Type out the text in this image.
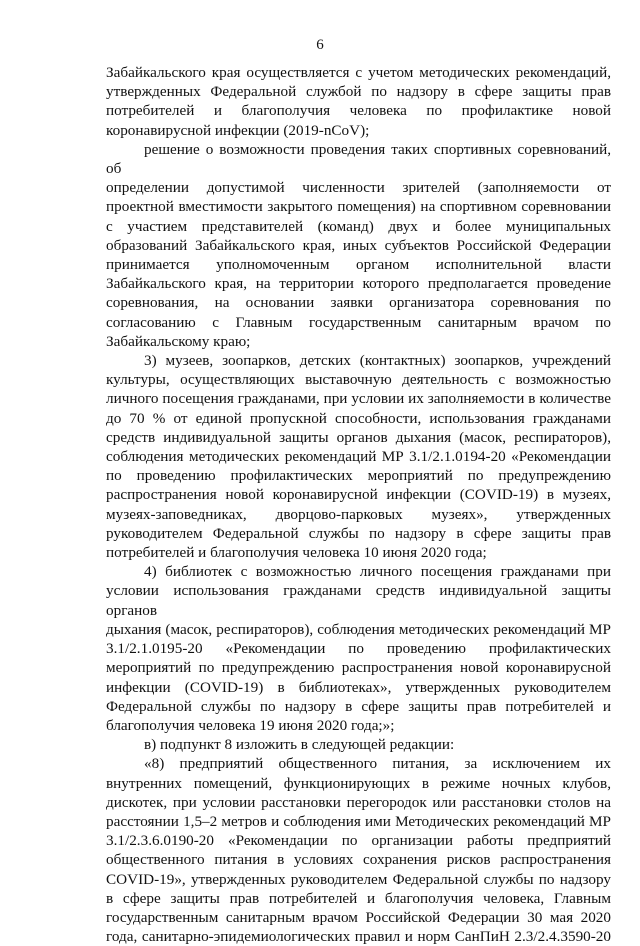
6

Забайкальского края осуществляется с учетом методических рекомендаций,

утвержденных Федеральной службой по надзору в сфере защиты прав

потребителей и благополучия человека по профилактике новой

коронавирусной инфекции (2019-nCoV);

решение о возможности проведения таких спортивных соревнований, об

определении допустимой численности зрителей (заполняемости от

проектной вместимости закрытого помещения) на спортивном соревновании

с участием представителей (команд) двух и более муниципальных

образований Забайкальского края, иных субъектов Российской Федерации

принимается уполномоченным органом исполнительной власти

Забайкальского края, на территории которого предполагается проведение

соревнования, на основании заявки организатора соревнования по

согласованию с Главным государственным санитарным врачом по

Забайкальскому краю;

3) музеев, зоопарков, детских (контактных) зоопарков, учреждений

культуры, осуществляющих выставочную деятельность с возможностью

личного посещения гражданами, при условии их заполняемости в количестве

до 70 % от единой пропускной способности, использования гражданами

средств индивидуальной защиты органов дыхания (масок, респираторов),

соблюдения методических рекомендаций МР 3.1/2.1.0194-20 «Рекомендации

по проведению профилактических мероприятий по предупреждению

распространения новой коронавирусной инфекции (COVID-19) в музеях,

музеях-заповедниках, дворцово-парковых музеях», утвержденных

руководителем Федеральной службы по надзору в сфере защиты прав

потребителей и благополучия человека 10 июня 2020 года;

4) библиотек с возможностью личного посещения гражданами при

условии использования гражданами средств индивидуальной защиты органов

дыхания (масок, респираторов), соблюдения методических рекомендаций МР

3.1/2.1.0195-20 «Рекомендации по проведению профилактических

мероприятий по предупреждению распространения новой коронавирусной

инфекции (COVID-19) в библиотеках», утвержденных руководителем

Федеральной службы по надзору в сфере защиты прав потребителей и

благополучия человека 19 июня 2020 года;»;

в) подпункт 8 изложить в следующей редакции:

«8) предприятий общественного питания, за исключением их

внутренних помещений, функционирующих в режиме ночных клубов,

дискотек, при условии расстановки перегородок или расстановки столов на

расстоянии 1,5–2 метров и соблюдения ими Методических рекомендаций МР

3.1/2.3.6.0190-20 «Рекомендации по организации работы предприятий

общественного питания в условиях сохранения рисков распространения

COVID-19», утвержденных руководителем Федеральной службы по надзору

в сфере защиты прав потребителей и благополучия человека, Главным

государственным санитарным врачом Российской Федерации 30 мая 2020

года, санитарно-эпидемиологических правил и норм СанПиН 2.3/2.4.3590-20
